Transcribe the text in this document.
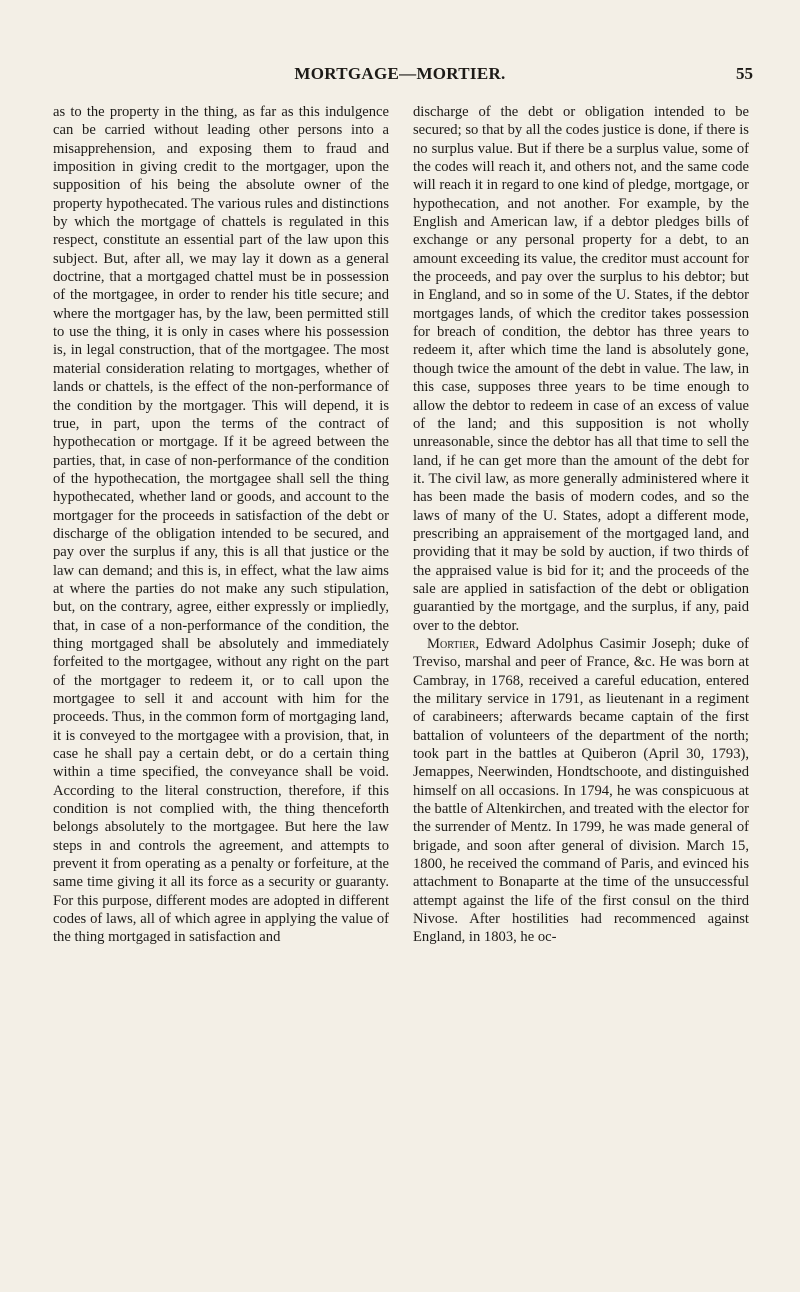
MORTGAGE—MORTIER.	55

as to the property in the thing, as far as this indulgence can be carried without leading other persons into a misapprehension, and exposing them to fraud and imposition in giving credit to the mortgager, upon the supposition of his being the absolute owner of the property hypothecated. The various rules and distinctions by which the mortgage of chattels is regulated in this respect, constitute an essential part of the law upon this subject. But, after all, we may lay it down as a general doctrine, that a mortgaged chattel must be in possession of the mortgagee, in order to render his title secure; and where the mortgager has, by the law, been permitted still to use the thing, it is only in cases where his possession is, in legal construction, that of the mortgagee. The most material consideration relating to mortgages, whether of lands or chattels, is the effect of the non-performance of the condition by the mortgager. This will depend, it is true, in part, upon the terms of the contract of hypothecation or mortgage. If it be agreed between the parties, that, in case of non-performance of the condition of the hypothecation, the mortgagee shall sell the thing hypothecated, whether land or goods, and account to the mortgager for the proceeds in satisfaction of the debt or discharge of the obligation intended to be secured, and pay over the surplus if any, this is all that justice or the law can demand; and this is, in effect, what the law aims at where the parties do not make any such stipulation, but, on the contrary, agree, either expressly or impliedly, that, in case of a non-performance of the condition, the thing mortgaged shall be absolutely and immediately forfeited to the mortgagee, without any right on the part of the mortgager to redeem it, or to call upon the mortgagee to sell it and account with him for the proceeds. Thus, in the common form of mortgaging land, it is conveyed to the mortgagee with a provision, that, in case he shall pay a certain debt, or do a certain thing within a time specified, the conveyance shall be void. According to the literal construction, therefore, if this condition is not complied with, the thing thenceforth belongs absolutely to the mortgagee. But here the law steps in and controls the agreement, and attempts to prevent it from operating as a penalty or forfeiture, at the same time giving it all its force as a security or guaranty. For this purpose, different modes are adopted in different codes of laws, all of which agree in applying the value of the thing mortgaged in satisfaction and

discharge of the debt or obligation intended to be secured; so that by all the codes justice is done, if there is no surplus value. But if there be a surplus value, some of the codes will reach it, and others not, and the same code will reach it in regard to one kind of pledge, mortgage, or hypothecation, and not another. For example, by the English and American law, if a debtor pledges bills of exchange or any personal property for a debt, to an amount exceeding its value, the creditor must account for the proceeds, and pay over the surplus to his debtor; but in England, and so in some of the U. States, if the debtor mortgages lands, of which the creditor takes possession for breach of condition, the debtor has three years to redeem it, after which time the land is absolutely gone, though twice the amount of the debt in value. The law, in this case, supposes three years to be time enough to allow the debtor to redeem in case of an excess of value of the land; and this supposition is not wholly unreasonable, since the debtor has all that time to sell the land, if he can get more than the amount of the debt for it. The civil law, as more generally administered where it has been made the basis of modern codes, and so the laws of many of the U. States, adopt a different mode, prescribing an appraisement of the mortgaged land, and providing that it may be sold by auction, if two thirds of the appraised value is bid for it; and the proceeds of the sale are applied in satisfaction of the debt or obligation guarantied by the mortgage, and the surplus, if any, paid over to the debtor.

Mortier, Edward Adolphus Casimir Joseph; duke of Treviso, marshal and peer of France, &c. He was born at Cambray, in 1768, received a careful education, entered the military service in 1791, as lieutenant in a regiment of carabineers; afterwards became captain of the first battalion of volunteers of the department of the north; took part in the battles at Quiberon (April 30, 1793), Jemappes, Neerwinden, Hondtschoote, and distinguished himself on all occasions. In 1794, he was conspicuous at the battle of Altenkirchen, and treated with the elector for the surrender of Mentz. In 1799, he was made general of brigade, and soon after general of division. March 15, 1800, he received the command of Paris, and evinced his attachment to Bonaparte at the time of the unsuccessful attempt against the life of the first consul on the third Nivose. After hostilities had recommenced against England, in 1803, he oc-
